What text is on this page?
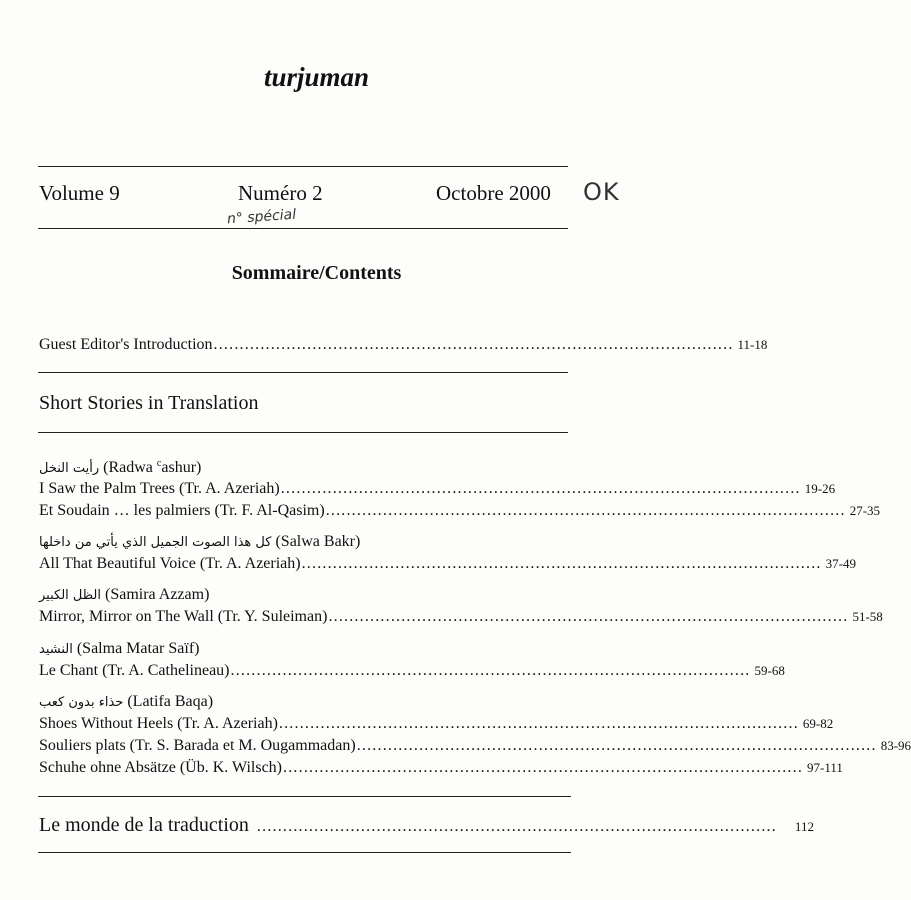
turjuman
Volume 9	Numéro 2	Octobre 2000 OK
n° spécial
Sommaire/Contents
Guest Editor's Introduction .................................................................................................... 11-18
Short Stories in Translation
رأيت النخل (Radwa $^c$ashur)
I Saw the Palm Trees (Tr. A. Azeriah) .................................................................................................... 19-26
Et Soudain … les palmiers (Tr. F. Al-Qasim) .................................................................................................... 27-35
كل هذا الصوت الجميل الذي يأتي من داخلها (Salwa Bakr)
All That Beautiful Voice (Tr. A. Azeriah) .................................................................................................... 37-49
الظل الكبير (Samira Azzam)
Mirror, Mirror on The Wall (Tr. Y. Suleiman) .................................................................................................... 51-58
النشيد (Salma Matar Saïf)
Le Chant (Tr. A. Cathelineau) .................................................................................................... 59-68
حذاء بدون كعب (Latifa Baqa)
Shoes Without Heels (Tr. A. Azeriah) .................................................................................................... 69-82
Souliers plats (Tr. S. Barada et M. Ougammadan) .................................................................................................... 83-96
Schuhe ohne Absätze (Üb. K. Wilsch) .................................................................................................... 97-111
Le monde de la traduction .................................................................................................... 112
